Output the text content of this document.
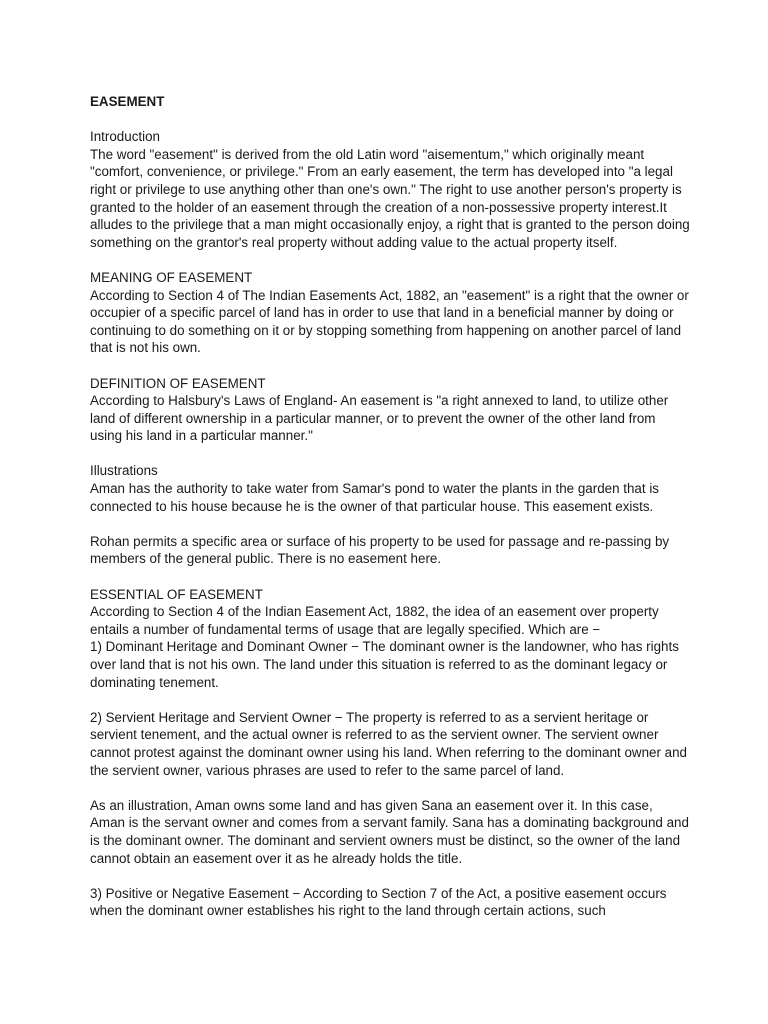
EASEMENT
Introduction

The word "easement" is derived from the old Latin word "aisementum," which originally meant "comfort, convenience, or privilege." From an early easement, the term has developed into "a legal right or privilege to use anything other than one's own." The right to use another person's property is granted to the holder of an easement through the creation of a non-possessive property interest.It alludes to the privilege that a man might occasionally enjoy, a right that is granted to the person doing something on the grantor's real property without adding value to the actual property itself.

MEANING OF EASEMENT

According to Section 4 of The Indian Easements Act, 1882, an "easement" is a right that the owner or occupier of a specific parcel of land has in order to use that land in a beneficial manner by doing or continuing to do something on it or by stopping something from happening on another parcel of land that is not his own.

DEFINITION OF EASEMENT

According to Halsbury's Laws of England- An easement is "a right annexed to land, to utilize other land of different ownership in a particular manner, or to prevent the owner of the other land from using his land in a particular manner."

Illustrations

Aman has the authority to take water from Samar's pond to water the plants in the garden that is connected to his house because he is the owner of that particular house. This easement exists.

Rohan permits a specific area or surface of his property to be used for passage and re-passing by members of the general public. There is no easement here.

ESSENTIAL OF EASEMENT

According to Section 4 of the Indian Easement Act, 1882, the idea of an easement over property entails a number of fundamental terms of usage that are legally specified. Which are −

1) Dominant Heritage and Dominant Owner − The dominant owner is the landowner, who has rights over land that is not his own. The land under this situation is referred to as the dominant legacy or dominating tenement.

2) Servient Heritage and Servient Owner − The property is referred to as a servient heritage or servient tenement, and the actual owner is referred to as the servient owner. The servient owner cannot protest against the dominant owner using his land. When referring to the dominant owner and the servient owner, various phrases are used to refer to the same parcel of land.

As an illustration, Aman owns some land and has given Sana an easement over it. In this case, Aman is the servant owner and comes from a servant family. Sana has a dominating background and is the dominant owner. The dominant and servient owners must be distinct, so the owner of the land cannot obtain an easement over it as he already holds the title.

3) Positive or Negative Easement − According to Section 7 of the Act, a positive easement occurs when the dominant owner establishes his right to the land through certain actions, such
